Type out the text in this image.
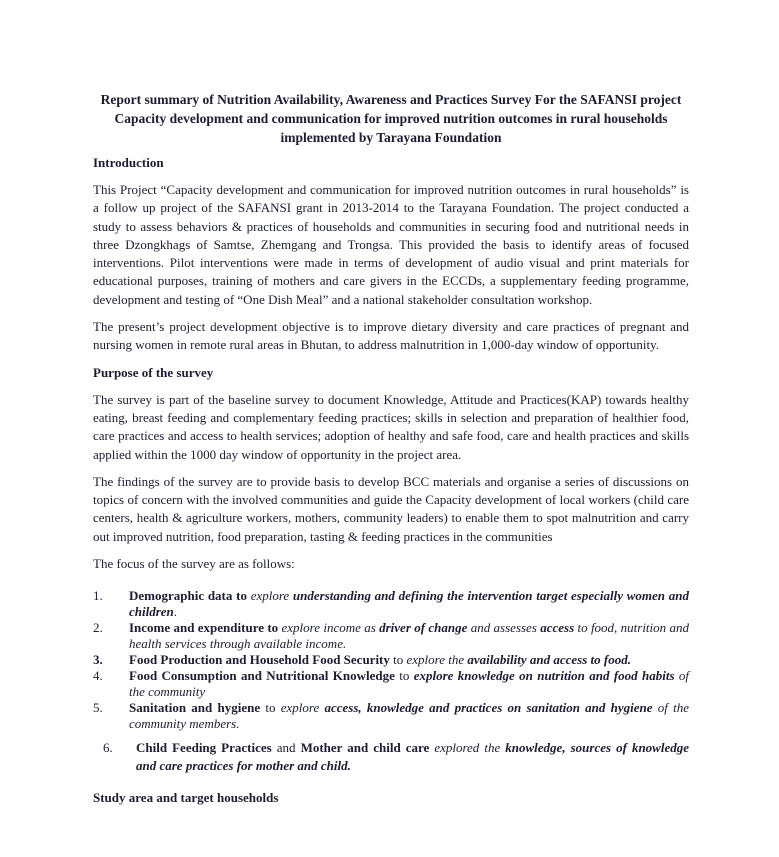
Report summary of Nutrition Availability, Awareness and Practices Survey For the SAFANSI project Capacity development and communication for improved nutrition outcomes in rural households implemented by Tarayana Foundation
Introduction

This Project “Capacity development and communication for improved nutrition outcomes in rural households” is a follow up project of the SAFANSI grant in 2013-2014 to the Tarayana Foundation. The project conducted a study to assess behaviors & practices of households and communities in securing food and nutritional needs in three Dzongkhags of Samtse, Zhemgang and Trongsa. This provided the basis to identify areas of focused interventions. Pilot interventions were made in terms of development of audio visual and print materials for educational purposes, training of mothers and care givers in the ECCDs, a supplementary feeding programme, development and testing of “One Dish Meal” and a national stakeholder consultation workshop.

The present’s project development objective is to improve dietary diversity and care practices of pregnant and nursing women in remote rural areas in Bhutan, to address malnutrition in 1,000-day window of opportunity.

Purpose of the survey

The survey is part of the baseline survey to document Knowledge, Attitude and Practices(KAP) towards healthy eating, breast feeding and complementary feeding practices; skills in selection and preparation of healthier food, care practices and access to health services; adoption of healthy and safe food, care and health practices and skills applied within the 1000 day window of opportunity in the project area.

The findings of the survey are to provide basis to develop BCC materials and organise a series of discussions on topics of concern with the involved communities and guide the Capacity development of local workers (child care centers, health & agriculture workers, mothers, community leaders) to enable them to spot malnutrition and carry out improved nutrition, food preparation, tasting & feeding practices in the communities

The focus of the survey are as follows:

1.	Demographic data to explore understanding and defining the intervention target especially women and children.
2.	Income and expenditure to explore income as driver of change and assesses access to food, nutrition and health services through available income.
3.	Food Production and Household Food Security to explore the availability and access to food.
4.	Food Consumption and Nutritional Knowledge to explore knowledge on nutrition and food habits of the community
5.	Sanitation and hygiene to explore access, knowledge and practices on sanitation and hygiene of the community members.
6.	Child Feeding Practices and Mother and child care explored the knowledge, sources of knowledge and care practices for mother and child.
Study area and target households
